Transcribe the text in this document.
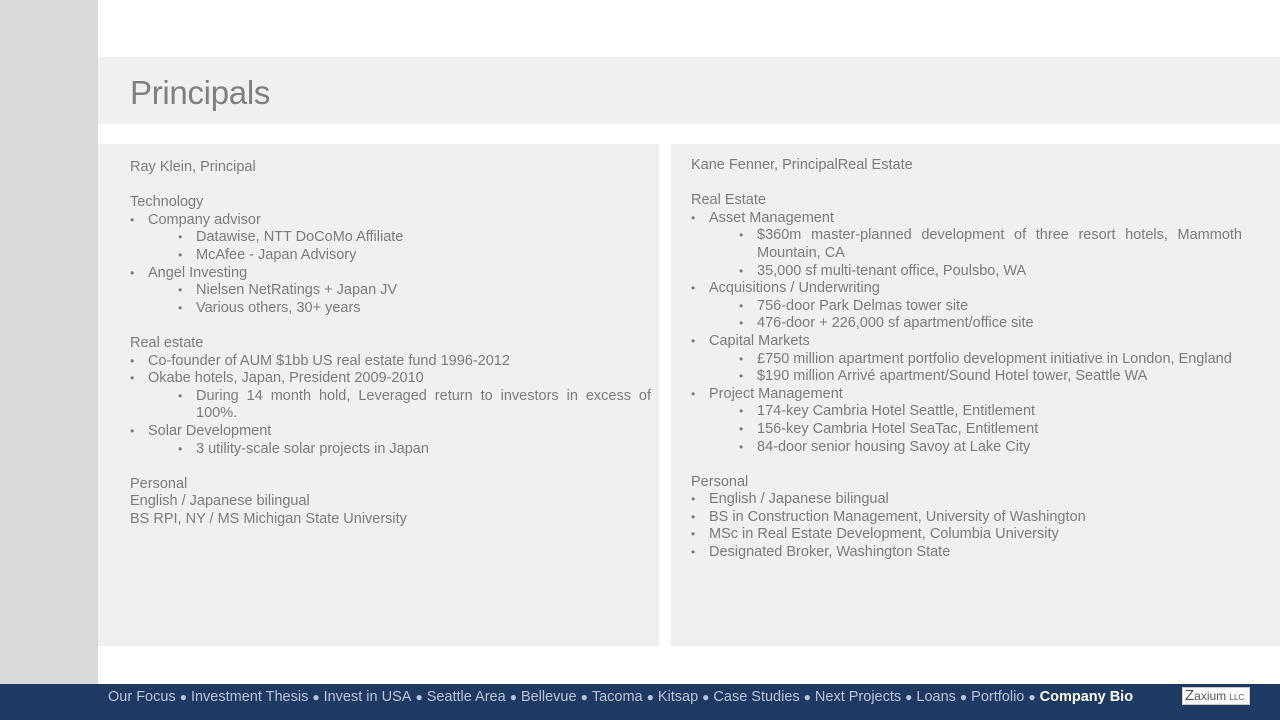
Principals

Ray Klein, Principal

Technology

• Company advisor
• Datawise, NTT DoCoMo Affiliate
• McAfee - Japan Advisory
• Angel Investing
• Nielsen NetRatings + Japan JV
• Various others, 30+ years

Real estate

• Co-founder of AUM $1bb US real estate fund 1996-2012
• Okabe hotels, Japan, President 2009-2010
• During 14 month hold, Leveraged return to investors in excess of 100%.
• Solar Development
• 3 utility-scale solar projects in Japan

Personal

English / Japanese bilingual

BS RPI, NY / MS Michigan State University

Kane Fenner, PrincipalReal Estate

Real Estate

• Asset Management
• $360m master-planned development of three resort hotels, Mammoth Mountain, CA
• 35,000 sf multi-tenant office, Poulsbo, WA
• Acquisitions / Underwriting
• 756-door Park Delmas tower site
• 476-door + 226,000 sf apartment/office site
• Capital Markets
• £750 million apartment portfolio development initiative in London, England
• $190 million Arrivé apartment/Sound Hotel tower, Seattle WA
• Project Management
• 174-key Cambria Hotel Seattle, Entitlement
• 156-key Cambria Hotel SeaTac, Entitlement
• 84-door senior housing Savoy at Lake City

Personal

• English / Japanese bilingual
• BS in Construction Management, University of Washington
• MSc in Real Estate Development, Columbia University
• Designated Broker, Washington State
Our Focus ● Investment Thesis ● Invest in USA ● Seattle Area ● Bellevue ● Tacoma ● Kitsap ● Case Studies ● Next Projects ● Loans ● Portfolio ● Company Bio	Zaxium LLC
